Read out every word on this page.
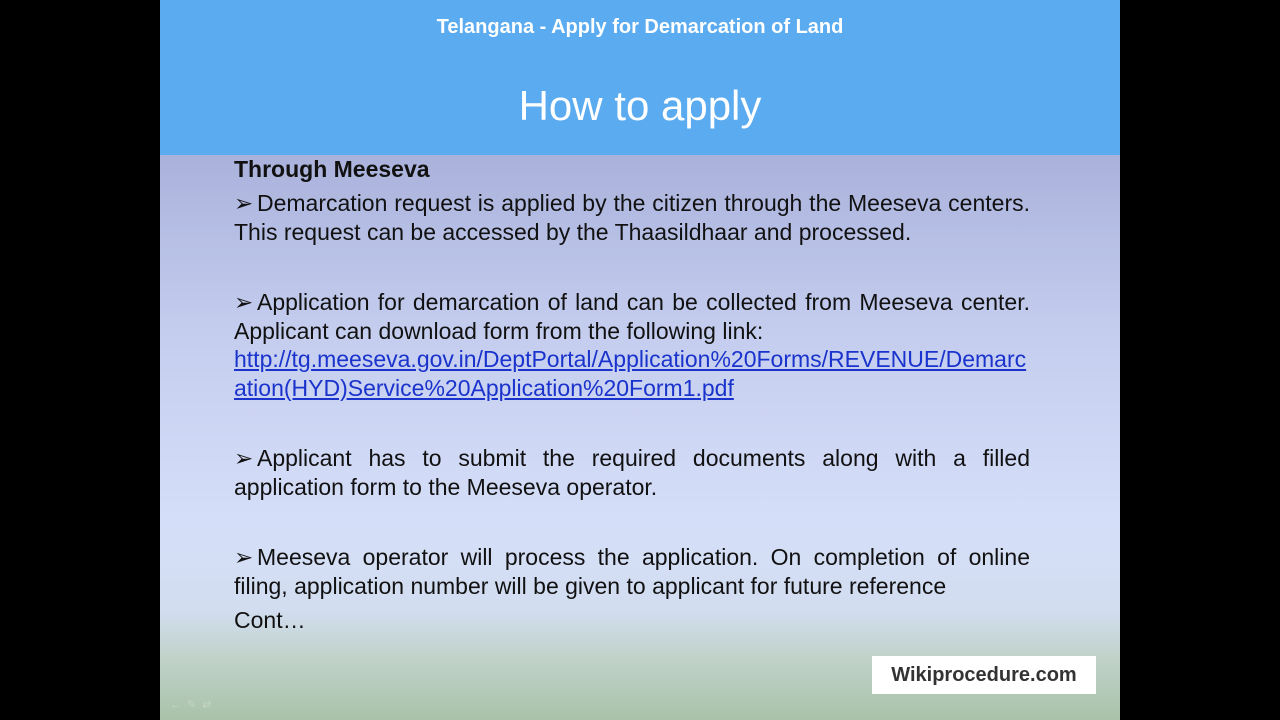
Telangana - Apply for Demarcation of Land
How to apply
Through Meeseva

➢ Demarcation request is applied by the citizen through the Meeseva centers. This request can be accessed by the Thaasildhaar and processed.

➢ Application for demarcation of land can be collected from Meeseva center. Applicant can download form from the following link:

http://tg.meeseva.gov.in/DeptPortal/Application%20Forms/REVENUE/Demarcation(HYD)Service%20Application%20Form1.pdf

➢ Applicant has to submit the required documents along with a filled application form to the Meeseva operator.

➢ Meeseva operator will process the application. On completion of online filing, application number will be given to applicant for future reference

Cont…
Wikiprocedure.com
←✎⇄
